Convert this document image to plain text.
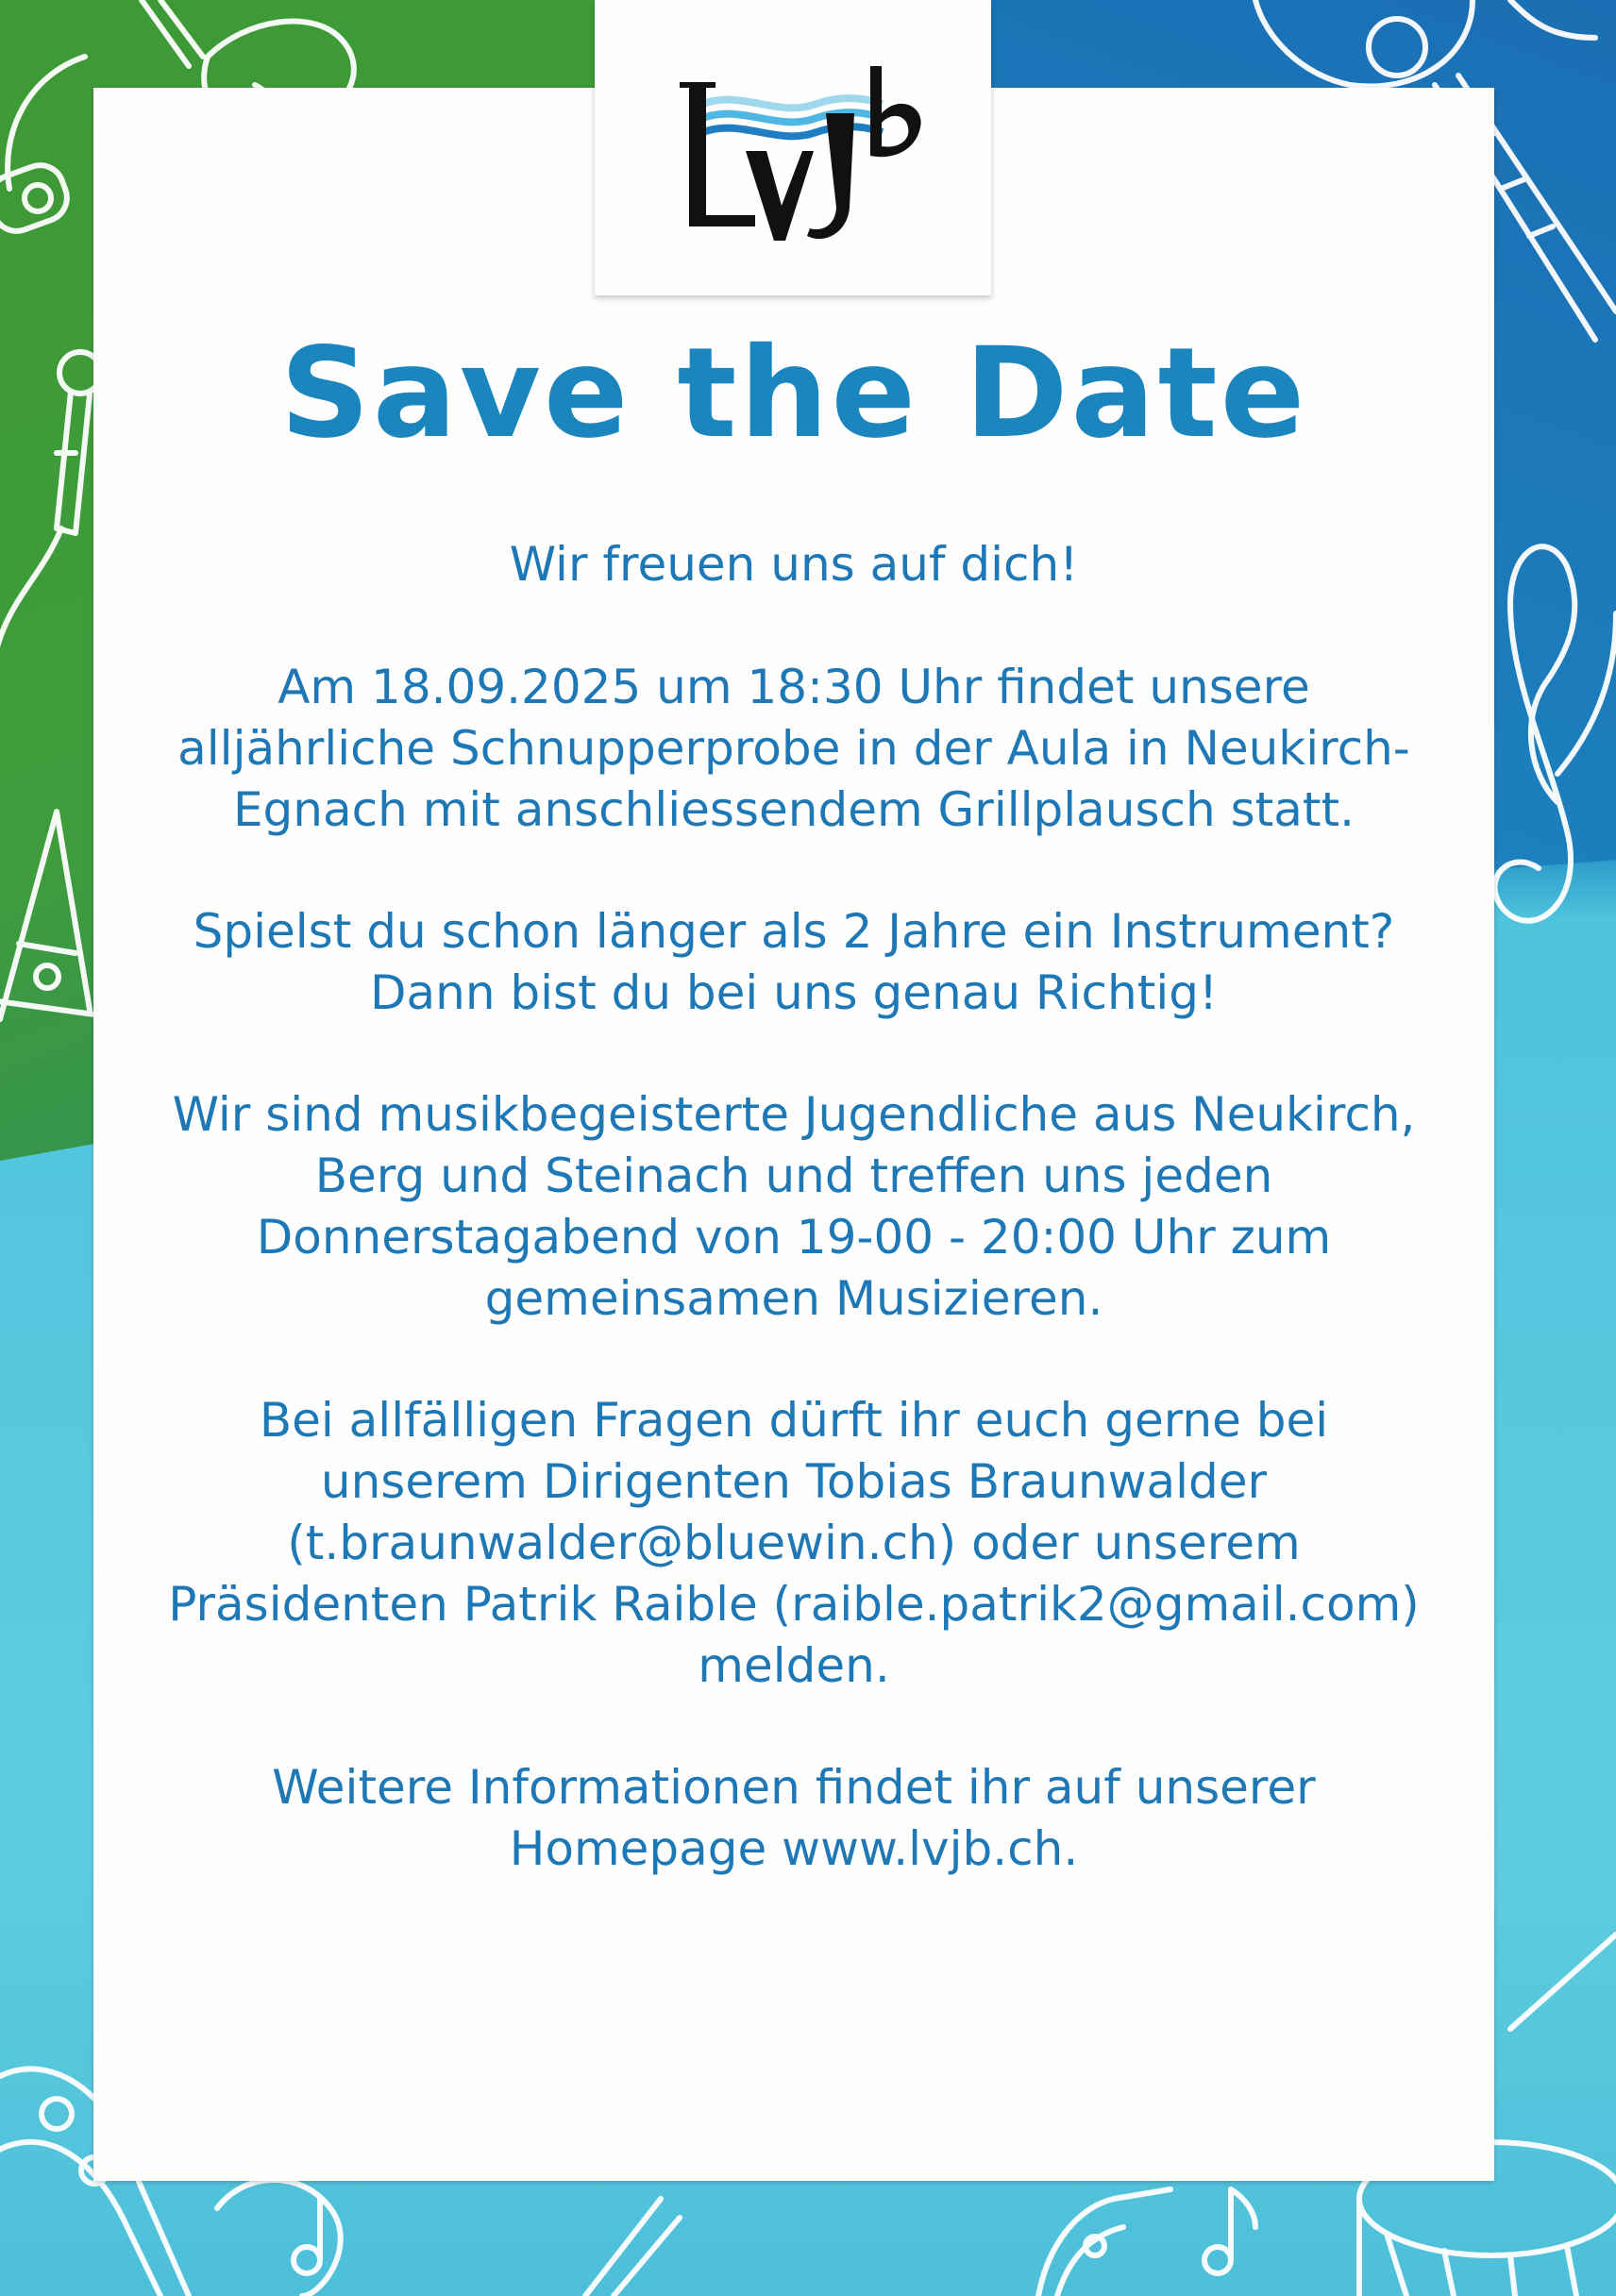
Save the Date

Wir freuen uns auf dich!

Am 18.09.2025 um 18:30 Uhr findet unsere alljährliche Schnupperprobe in der Aula in Neukirch-Egnach mit anschliessendem Grillplausch statt.

Spielst du schon länger als 2 Jahre ein Instrument?

Dann bist du bei uns genau Richtig!

Wir sind musikbegeisterte Jugendliche aus Neukirch, Berg und Steinach und treffen uns jeden Donnerstagabend von 19-00 - 20:00 Uhr zum gemeinsamen Musizieren.

Bei allfälligen Fragen dürft ihr euch gerne bei unserem Dirigenten Tobias Braunwalder (t.braunwalder@bluewin.ch) oder unserem Präsidenten Patrik Raible (raible.patrik2@gmail.com) melden.

Weitere Informationen findet ihr auf unserer Homepage www.lvjb.ch.
